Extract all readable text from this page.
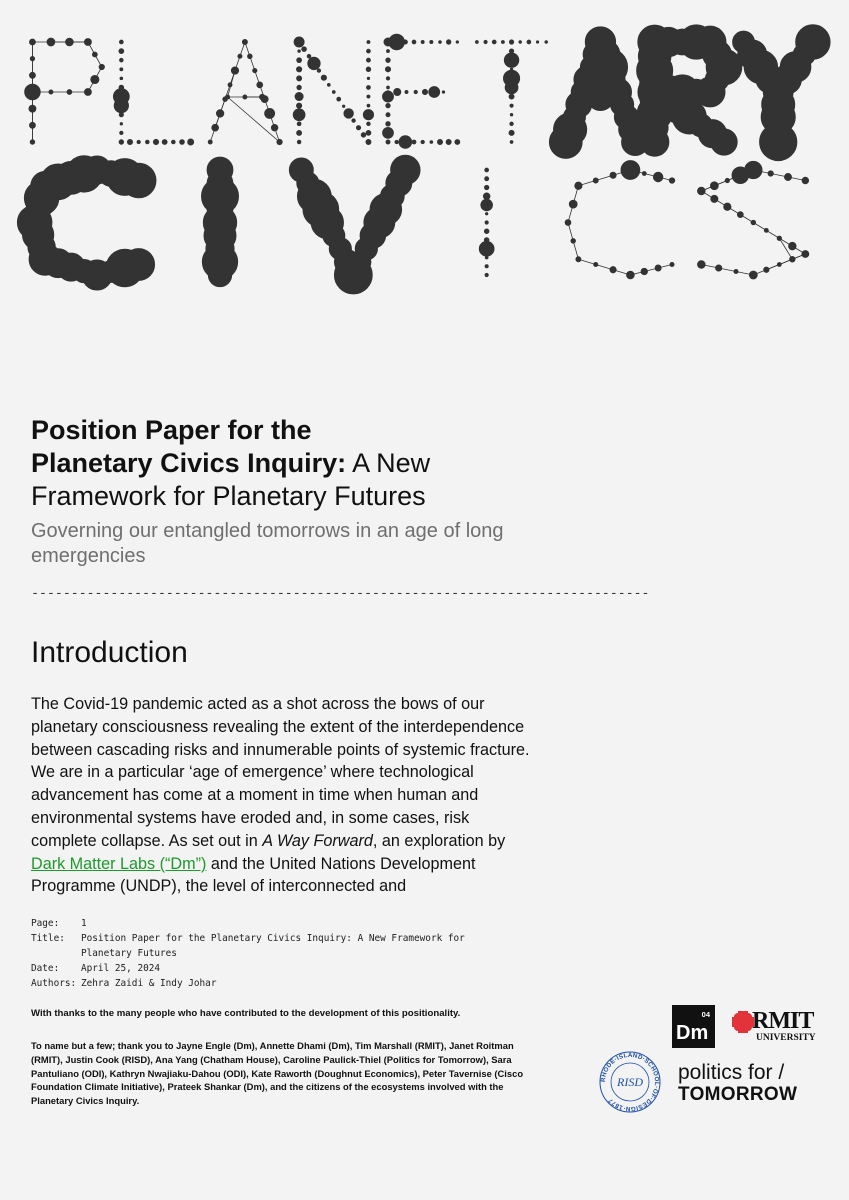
Position Paper for the
Planetary Civics Inquiry: A New
Framework for Planetary Futures
Governing our entangled tomorrows in an age of long emergencies
------------------------------------------------------------------------------
Introduction
The Covid-19 pandemic acted as a shot across the bows of our planetary consciousness revealing the extent of the interdependence between cascading risks and innumerable points of systemic fracture. We are in a particular ‘age of emergence’ where technological advancement has come at a moment in time when human and environmental systems have eroded and, in some cases, risk complete collapse. As set out in A Way Forward, an exploration by Dark Matter Labs (“Dm”) and the United Nations Development Programme (UNDP), the level of interconnected and
Page:	1
Title:	Position Paper for the Planetary Civics Inquiry: A New Framework for Planetary Futures
Date:	April 25, 2024
Authors: Zehra Zaidi & Indy Johar
With thanks to the many people who have contributed to the development of this positionality.
To name but a few; thank you to Jayne Engle (Dm), Annette Dhami (Dm), Tim Marshall (RMIT), Janet Roitman (RMIT), Justin Cook (RISD), Ana Yang (Chatham House), Caroline Paulick-Thiel (Politics for Tomorrow), Sara Pantuliano (ODI), Kathryn Nwajiaku-Dahou (ODI), Kate Raworth (Doughnut Economics), Peter Tavernise (Cisco Foundation Climate Initiative), Prateek Shankar (Dm), and the citizens of the ecosystems involved with the Planetary Civics Inquiry.
04
Dm RMIT
UNIVERSITY
RHODE·ISLAND·SCHOOL·OF·DESIGN·1877
RISD politics for /
TOMORROW
